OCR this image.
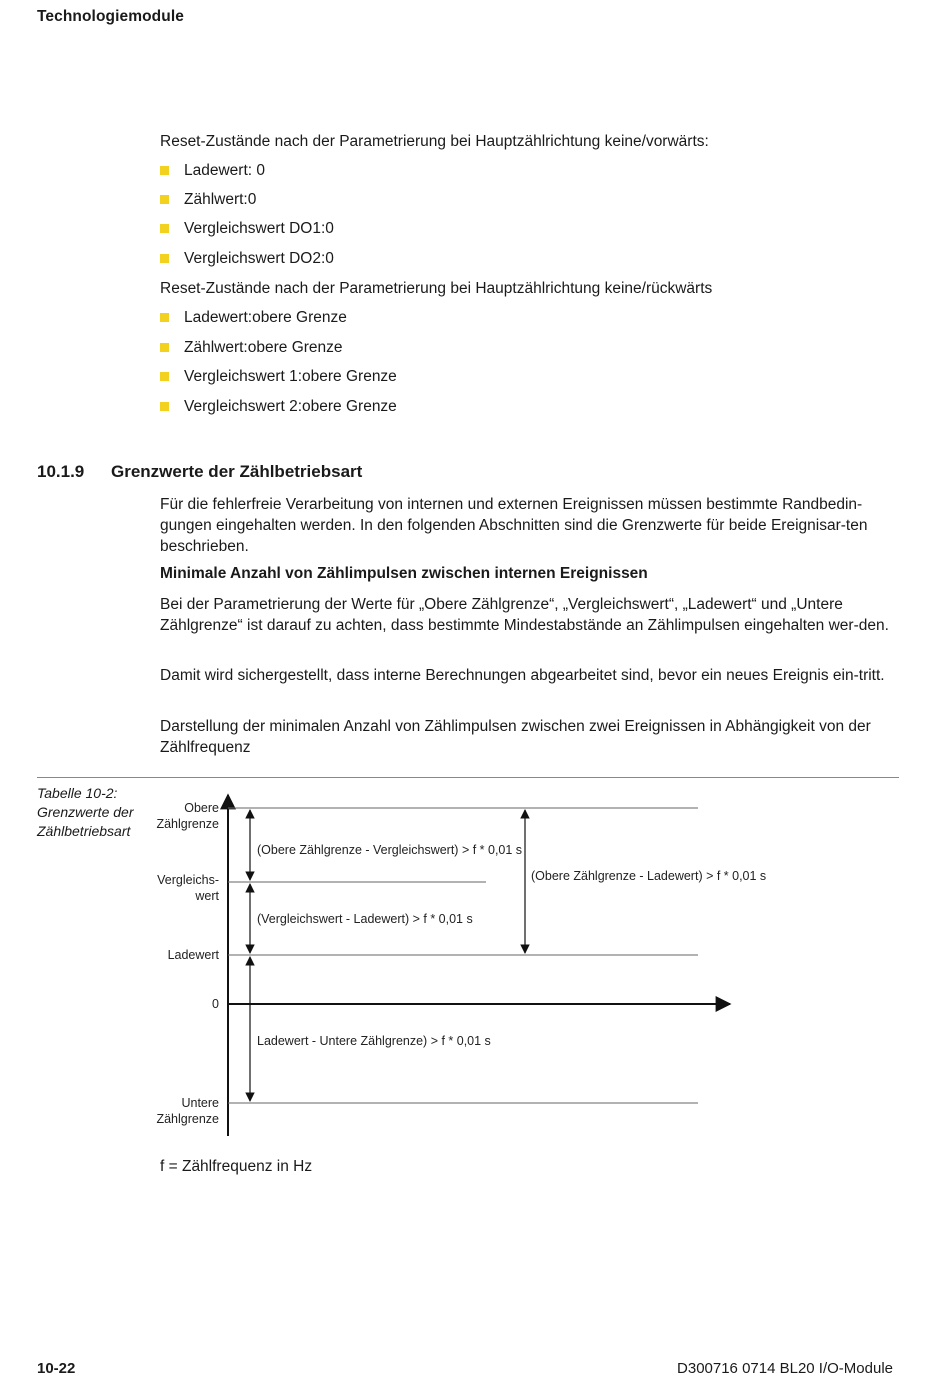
Technologiemodule
Reset-Zustände nach der Parametrierung bei Hauptzählrichtung keine/vorwärts:
Ladewert: 0
Zählwert:0
Vergleichswert DO1:0
Vergleichswert DO2:0
Reset-Zustände nach der Parametrierung bei Hauptzählrichtung keine/rückwärts
Ladewert:obere Grenze
Zählwert:obere Grenze
Vergleichswert 1:obere Grenze
Vergleichswert 2:obere Grenze
10.1.9 Grenzwerte der Zählbetriebsart
Für die fehlerfreie Verarbeitung von internen und externen Ereignissen müssen bestimmte Randbedin-gungen eingehalten werden. In den folgenden Abschnitten sind die Grenzwerte für beide Ereignisar-ten beschrieben.
Minimale Anzahl von Zählimpulsen zwischen internen Ereignissen
Bei der Parametrierung der Werte für „Obere Zählgrenze“, „Vergleichswert“, „Ladewert“ und „Untere Zählgrenze“ ist darauf zu achten, dass bestimmte Mindestabstände an Zählimpulsen eingehalten wer-den.
Damit wird sichergestellt, dass interne Berechnungen abgearbeitet sind, bevor ein neues Ereignis ein-tritt.
Darstellung der minimalen Anzahl von Zählimpulsen zwischen zwei Ereignissen in Abhängigkeit von der Zählfrequenz
Tabelle 10-2: Grenzwerte der Zählbetriebsart
Obere
Zählgrenze
Vergleichs-
wert
Ladewert
0
Untere
Zählgrenze
(Obere Zählgrenze - Vergleichswert) > f * 0,01 s
(Vergleichswert - Ladewert) > f * 0,01 s
(Obere Zählgrenze - Ladewert) > f * 0,01 s
Ladewert - Untere Zählgrenze) > f * 0,01 s
f = Zählfrequenz in Hz
10-22	D300716 0714 BL20 I/O-Module
